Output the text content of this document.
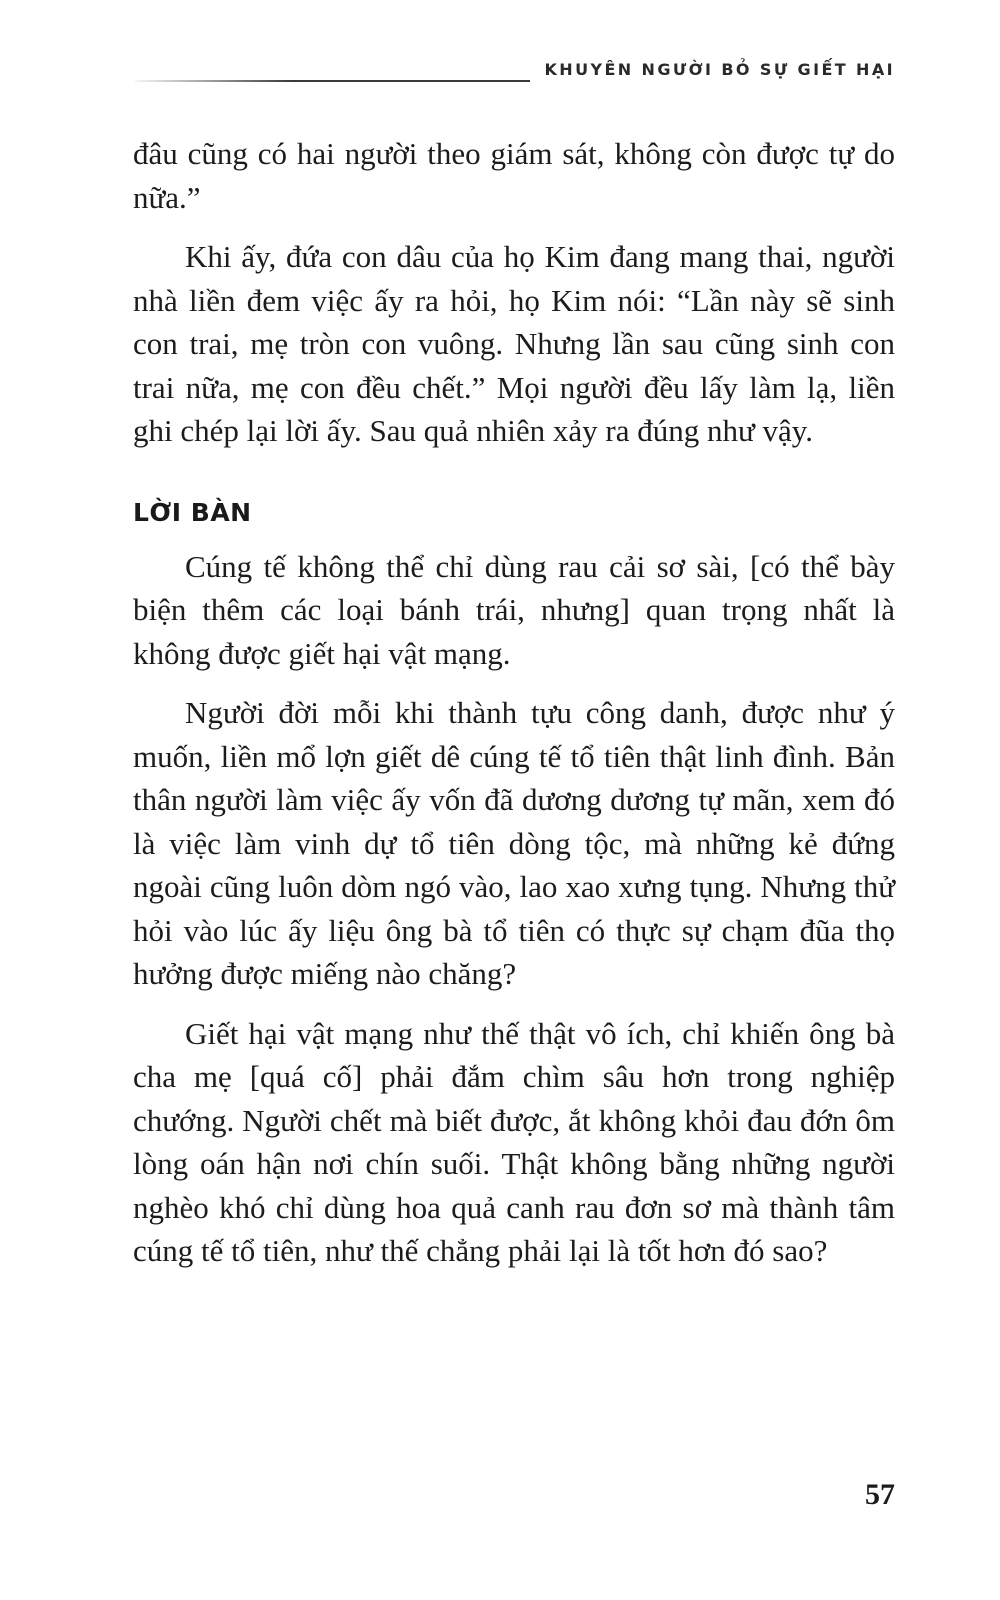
KHUYÊN NGƯỜI BỎ SỰ GIẾT HẠI

đâu cũng có hai người theo giám sát, không còn được tự do nữa.”

Khi ấy, đứa con dâu của họ Kim đang mang thai, người nhà liền đem việc ấy ra hỏi, họ Kim nói: “Lần này sẽ sinh con trai, mẹ tròn con vuông. Nhưng lần sau cũng sinh con trai nữa, mẹ con đều chết.” Mọi người đều lấy làm lạ, liền ghi chép lại lời ấy. Sau quả nhiên xảy ra đúng như vậy.

LỜI BÀN

Cúng tế không thể chỉ dùng rau cải sơ sài, [có thể bày biện thêm các loại bánh trái, nhưng] quan trọng nhất là không được giết hại vật mạng.

Người đời mỗi khi thành tựu công danh, được như ý muốn, liền mổ lợn giết dê cúng tế tổ tiên thật linh đình. Bản thân người làm việc ấy vốn đã dương dương tự mãn, xem đó là việc làm vinh dự tổ tiên dòng tộc, mà những kẻ đứng ngoài cũng luôn dòm ngó vào, lao xao xưng tụng. Nhưng thử hỏi vào lúc ấy liệu ông bà tổ tiên có thực sự chạm đũa thọ hưởng được miếng nào chăng?

Giết hại vật mạng như thế thật vô ích, chỉ khiến ông bà cha mẹ [quá cố] phải đắm chìm sâu hơn trong nghiệp chướng. Người chết mà biết được, ắt không khỏi đau đớn ôm lòng oán hận nơi chín suối. Thật không bằng những người nghèo khó chỉ dùng hoa quả canh rau đơn sơ mà thành tâm cúng tế tổ tiên, như thế chẳng phải lại là tốt hơn đó sao?

57
